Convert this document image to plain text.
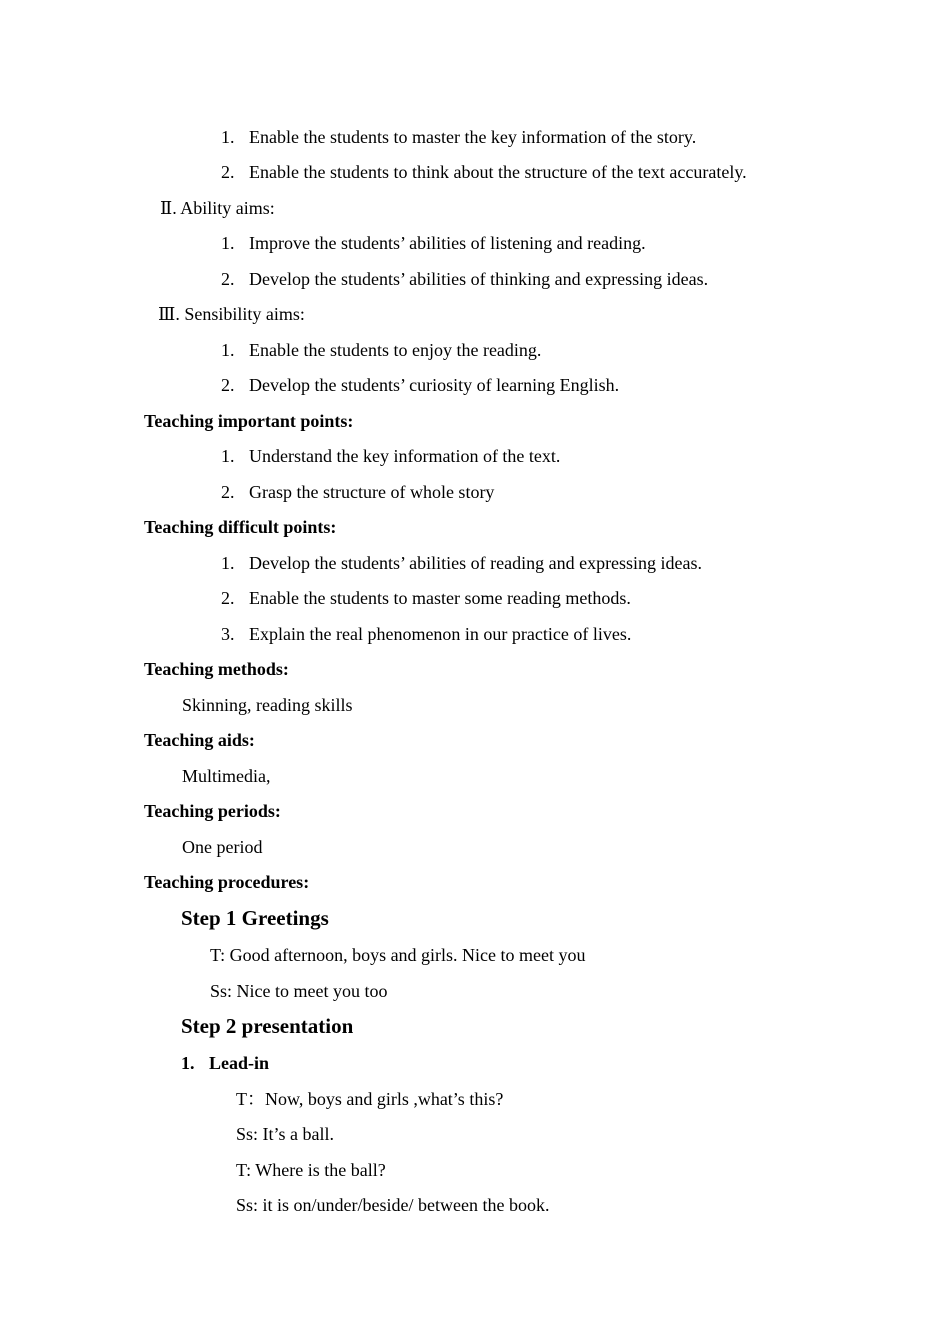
1. Enable the students to master the key information of the story.
2. Enable the students to think about the structure of the text accurately.
Ⅱ. Ability aims:
1. Improve the students’ abilities of listening and reading.
2. Develop the students’ abilities of thinking and expressing ideas.
Ⅲ. Sensibility aims:
1. Enable the students to enjoy the reading.
2. Develop the students’ curiosity of learning English.
Teaching important points:
1. Understand the key information of the text.
2. Grasp the structure of whole story
Teaching difficult points:
1. Develop the students’ abilities of reading and expressing ideas.
2. Enable the students to master some reading methods.
3. Explain the real phenomenon in our practice of lives.
Teaching methods:
Skinning, reading skills
Teaching aids:
Multimedia,
Teaching periods:
One period
Teaching procedures:
Step 1 Greetings
T: Good afternoon, boys and girls. Nice to meet you
Ss: Nice to meet you too
Step 2 presentation
1. Lead-in
T：Now, boys and girls ,what’s this?
Ss: It’s a ball.
T: Where is the ball?
Ss: it is on/under/beside/ between the book.
